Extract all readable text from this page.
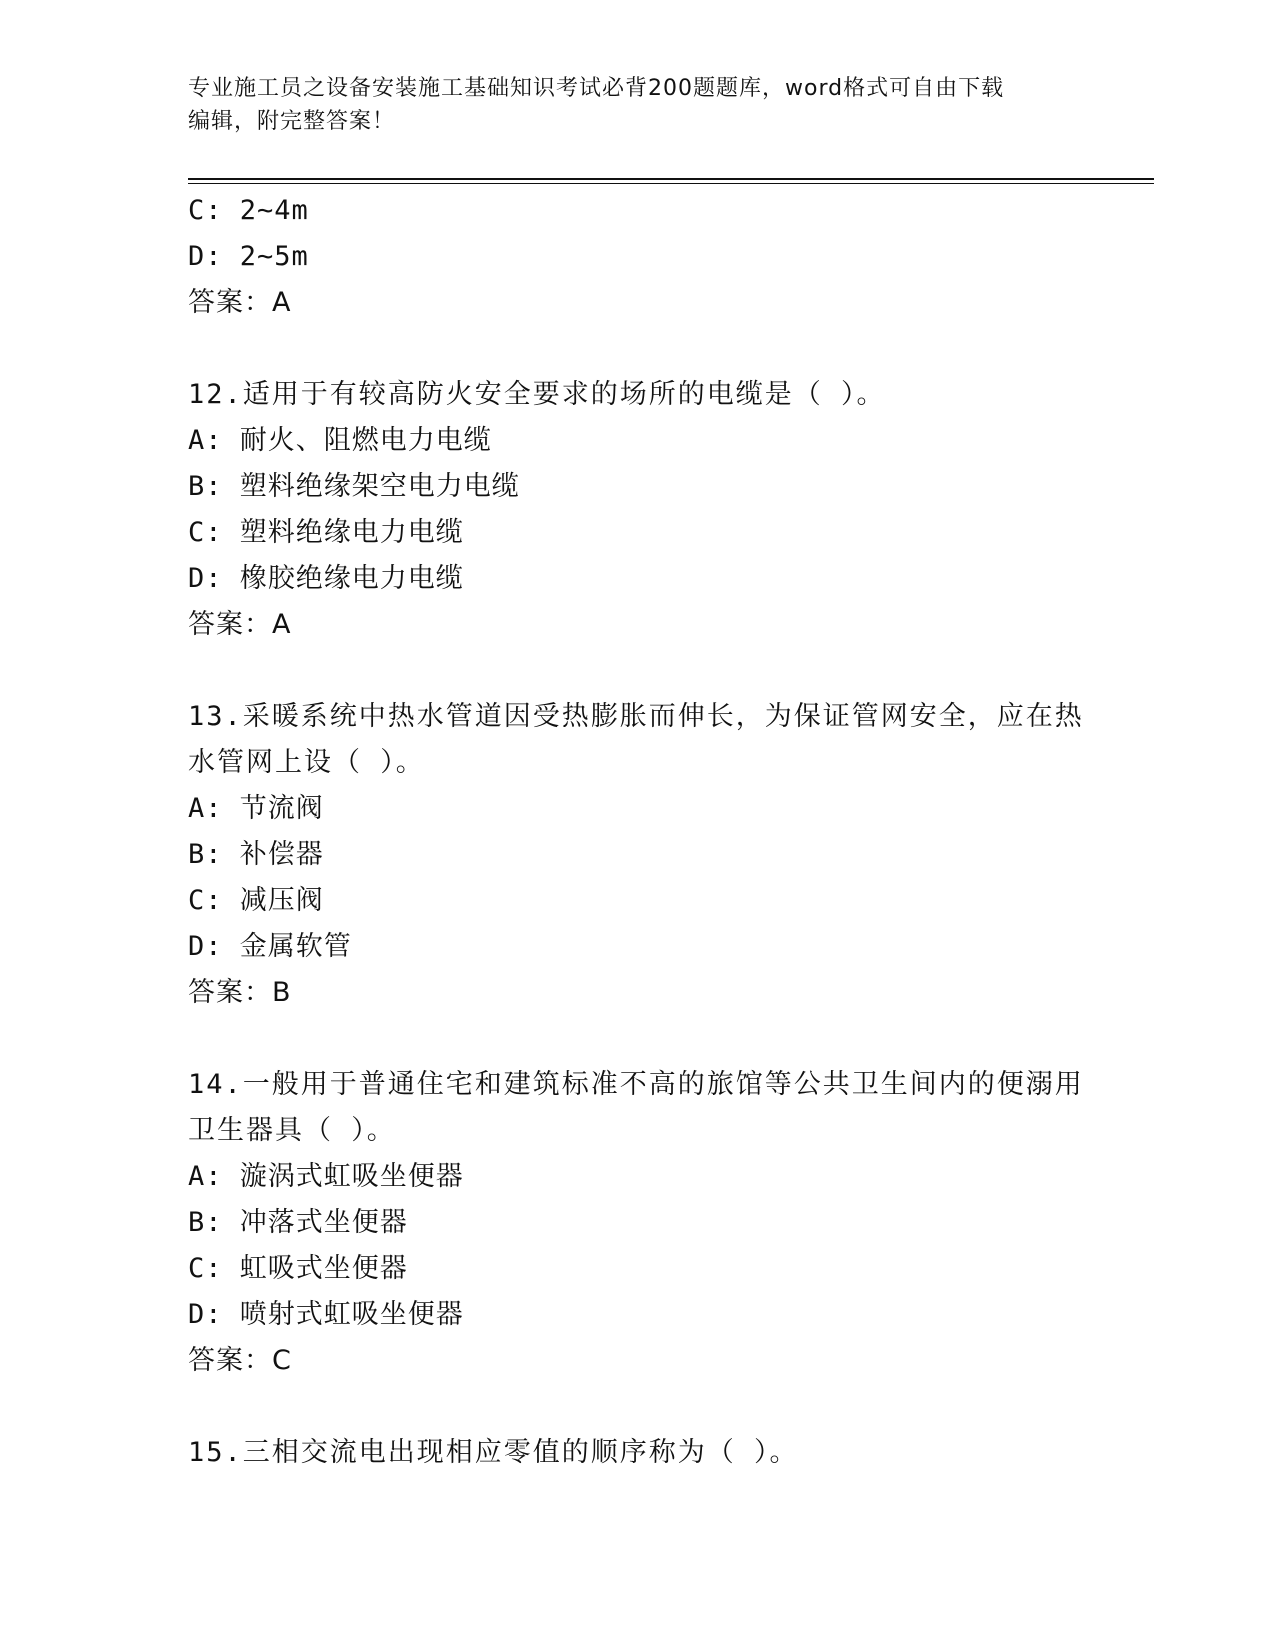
专业施工员之设备安装施工基础知识考试必背200题题库，word格式可自由下载
编辑，附完整答案！
C: 2~4m
D: 2~5m
答案：A
12.适用于有较高防火安全要求的场所的电缆是（ ）。
A: 耐火、阻燃电力电缆
B: 塑料绝缘架空电力电缆
C: 塑料绝缘电力电缆
D: 橡胶绝缘电力电缆
答案：A
13.采暖系统中热水管道因受热膨胀而伸长，为保证管网安全，应在热水管网上设（ ）。
A: 节流阀
B: 补偿器
C: 减压阀
D: 金属软管
答案：B
14.一般用于普通住宅和建筑标准不高的旅馆等公共卫生间内的便溺用卫生器具（ ）。
A: 漩涡式虹吸坐便器
B: 冲落式坐便器
C: 虹吸式坐便器
D: 喷射式虹吸坐便器
答案：C
15.三相交流电出现相应零值的顺序称为（ ）。
